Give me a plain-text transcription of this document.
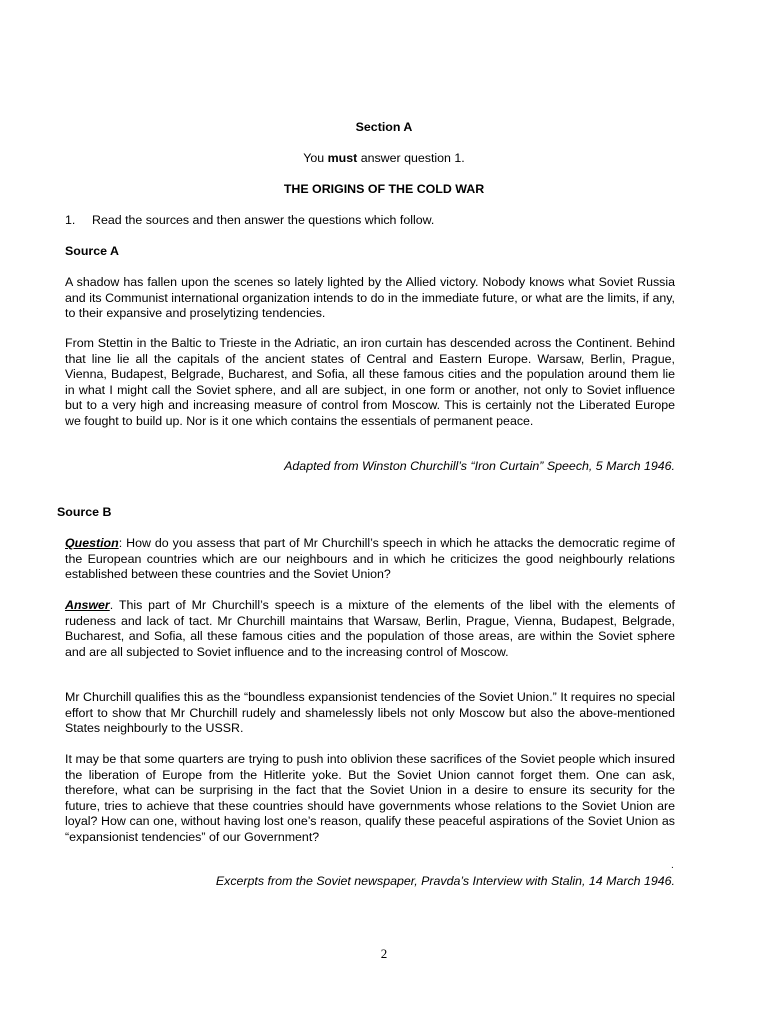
Section A
You must answer question 1.
THE ORIGINS OF THE COLD WAR
1. Read the sources and then answer the questions which follow.
Source A
A shadow has fallen upon the scenes so lately lighted by the Allied victory. Nobody knows what Soviet Russia and its Communist international organization intends to do in the immediate future, or what are the limits, if any, to their expansive and proselytizing tendencies.
From Stettin in the Baltic to Trieste in the Adriatic, an iron curtain has descended across the Continent. Behind that line lie all the capitals of the ancient states of Central and Eastern Europe. Warsaw, Berlin, Prague, Vienna, Budapest, Belgrade, Bucharest, and Sofia, all these famous cities and the population around them lie in what I might call the Soviet sphere, and all are subject, in one form or another, not only to Soviet influence but to a very high and increasing measure of control from Moscow. This is certainly not the Liberated Europe we fought to build up. Nor is it one which contains the essentials of permanent peace.
Adapted from Winston Churchill’s “Iron Curtain” Speech, 5 March 1946.
Source B
Question: How do you assess that part of Mr Churchill’s speech in which he attacks the democratic regime of the European countries which are our neighbours and in which he criticizes the good neighbourly relations established between these countries and the Soviet Union?
Answer. This part of Mr Churchill’s speech is a mixture of the elements of the libel with the elements of rudeness and lack of tact. Mr Churchill maintains that Warsaw, Berlin, Prague, Vienna, Budapest, Belgrade, Bucharest, and Sofia, all these famous cities and the population of those areas, are within the Soviet sphere and are all subjected to Soviet influence and to the increasing control of Moscow.
Mr Churchill qualifies this as the “boundless expansionist tendencies of the Soviet Union.” It requires no special effort to show that Mr Churchill rudely and shamelessly libels not only Moscow but also the above-mentioned States neighbourly to the USSR.
It may be that some quarters are trying to push into oblivion these sacrifices of the Soviet people which insured the liberation of Europe from the Hitlerite yoke. But the Soviet Union cannot forget them. One can ask, therefore, what can be surprising in the fact that the Soviet Union in a desire to ensure its security for the future, tries to achieve that these countries should have governments whose relations to the Soviet Union are loyal? How can one, without having lost one’s reason, qualify these peaceful aspirations of the Soviet Union as “expansionist tendencies” of our Government?
.
Excerpts from the Soviet newspaper, Pravda’s Interview with Stalin, 14 March 1946.
2
